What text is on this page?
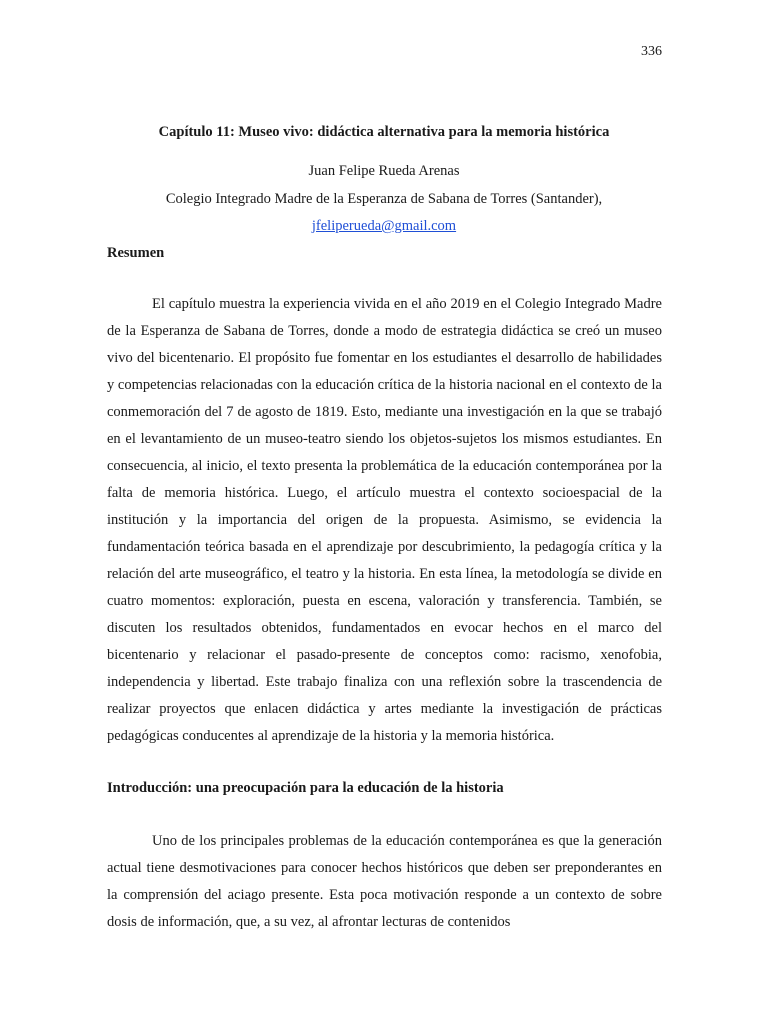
336
Capítulo 11: Museo vivo: didáctica alternativa para la memoria histórica
Juan Felipe Rueda Arenas
Colegio Integrado Madre de la Esperanza de Sabana de Torres (Santander),
jfeliperueda@gmail.com
Resumen

El capítulo muestra la experiencia vivida en el año 2019 en el Colegio Integrado Madre de la Esperanza de Sabana de Torres, donde a modo de estrategia didáctica se creó un museo vivo del bicentenario. El propósito fue fomentar en los estudiantes el desarrollo de habilidades y competencias relacionadas con la educación crítica de la historia nacional en el contexto de la conmemoración del 7 de agosto de 1819. Esto, mediante una investigación en la que se trabajó en el levantamiento de un museo-teatro siendo los objetos-sujetos los mismos estudiantes. En consecuencia, al inicio, el texto presenta la problemática de la educación contemporánea por la falta de memoria histórica. Luego, el artículo muestra el contexto socioespacial de la institución y la importancia del origen de la propuesta. Asimismo, se evidencia la fundamentación teórica basada en el aprendizaje por descubrimiento, la pedagogía crítica y la relación del arte museográfico, el teatro y la historia. En esta línea, la metodología se divide en cuatro momentos: exploración, puesta en escena, valoración y transferencia. También, se discuten los resultados obtenidos, fundamentados en evocar hechos en el marco del bicentenario y relacionar el pasado-presente de conceptos como: racismo, xenofobia, independencia y libertad. Este trabajo finaliza con una reflexión sobre la trascendencia de realizar proyectos que enlacen didáctica y artes mediante la investigación de prácticas pedagógicas conducentes al aprendizaje de la historia y la memoria histórica.

Introducción: una preocupación para la educación de la historia

Uno de los principales problemas de la educación contemporánea es que la generación actual tiene desmotivaciones para conocer hechos históricos que deben ser preponderantes en la comprensión del aciago presente. Esta poca motivación responde a un contexto de sobre dosis de información, que, a su vez, al afrontar lecturas de contenidos
